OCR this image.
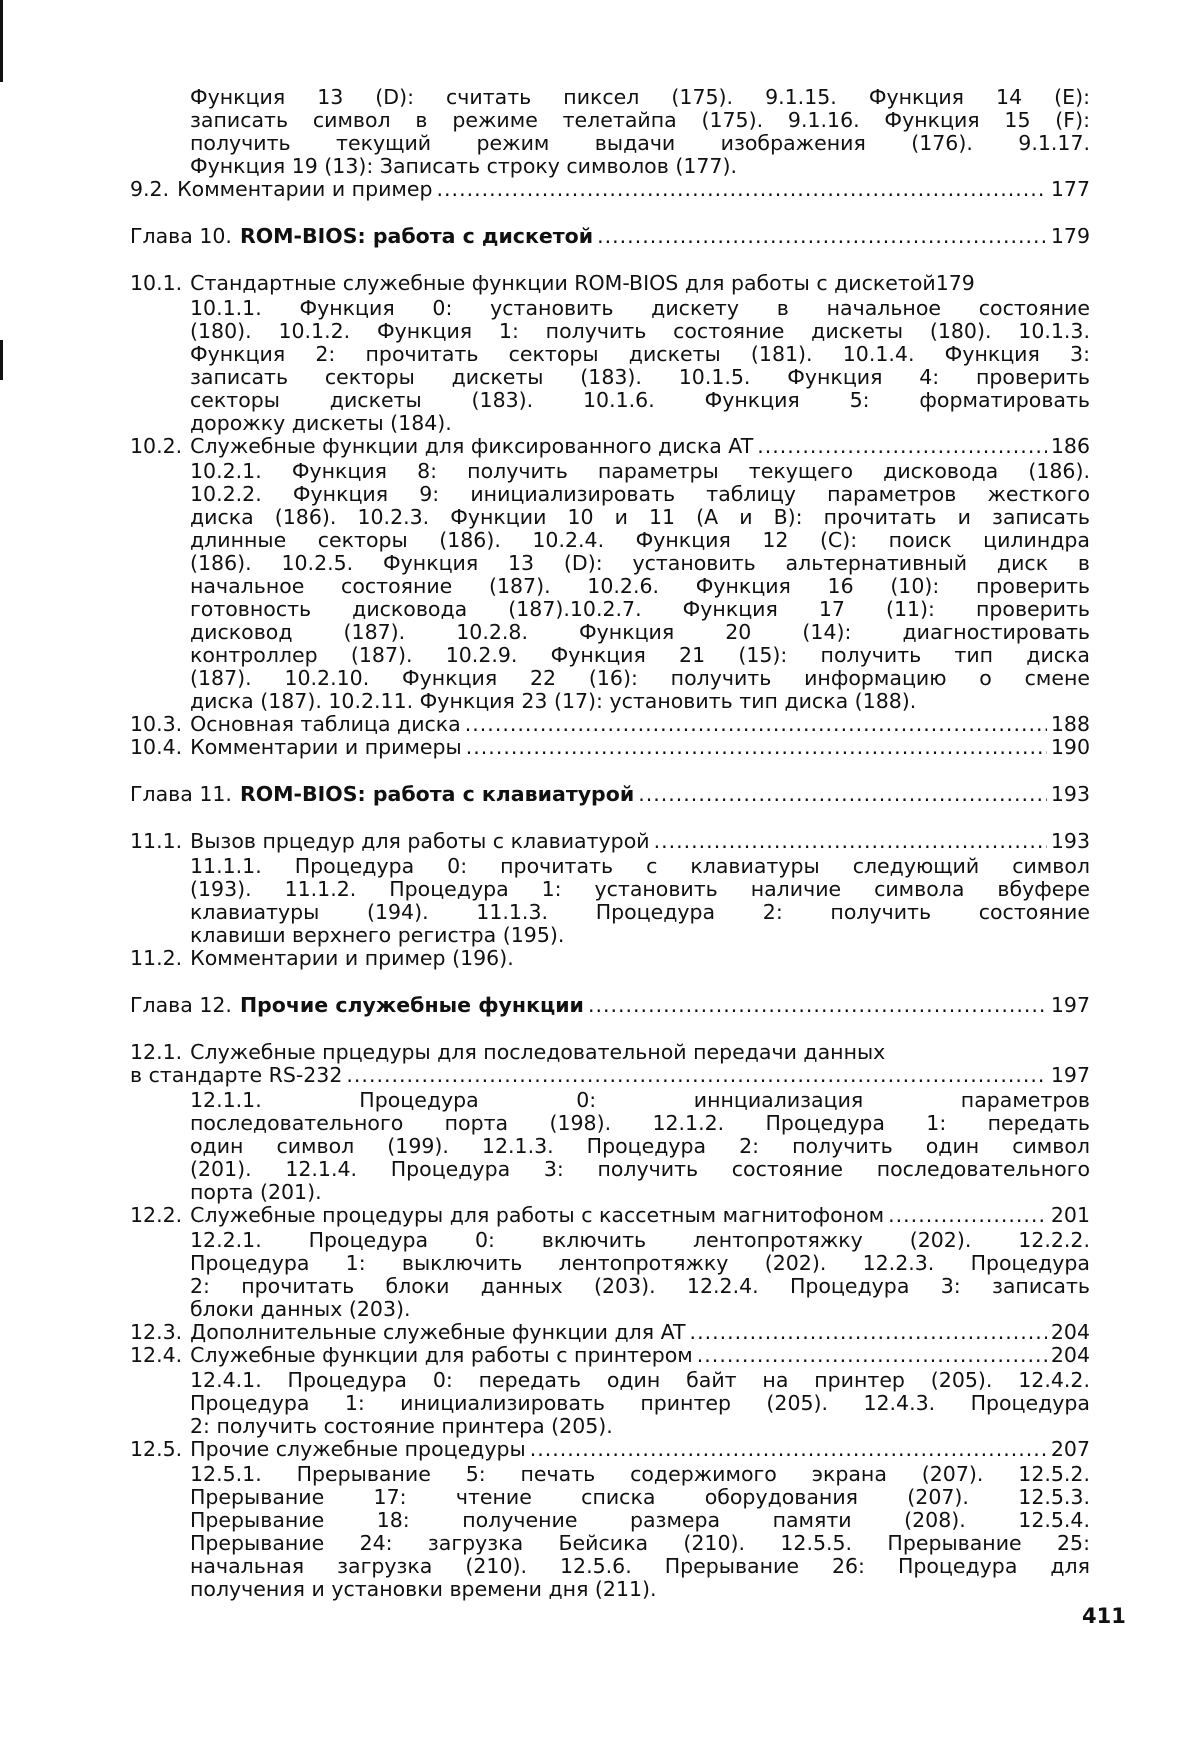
Функция 13 (D): считать пиксел (175). 9.1.15. Функция 14 (E):
записать символ в режиме телетайпа (175). 9.1.16. Функция 15 (F):
получить текущий режим выдачи изображения (176). 9.1.17.
Функция 19 (13): Записать строку символов (177).
9.2. Комментарии и пример
.....	177
Глава 10. ROM-BIOS: работа с дискетой
.....	179
10.1. Стандартные служебные функции ROM-BIOS для работы с дискетой 179
10.1.1. Функция 0: установить дискету в начальное состояние
(180). 10.1.2. Функция 1: получить состояние дискеты (180). 10.1.3.
Функция 2: прочитать секторы дискеты (181). 10.1.4. Функция 3:
записать секторы дискеты (183). 10.1.5. Функция 4: проверить
секторы дискеты (183). 10.1.6. Функция 5: форматировать
дорожку дискеты (184).
10.2. Служебные функции для фиксированного диска AT
.....	186
10.2.1. Функция 8: получить параметры текущего дисковода (186).
10.2.2. Функция 9: инициализировать таблицу параметров жесткого
диска (186). 10.2.3. Функции 10 и 11 (A и B): прочитать и записать
длинные секторы (186). 10.2.4. Функция 12 (C): поиск цилиндра
(186). 10.2.5. Функция 13 (D): установить альтернативный диск в
начальное состояние (187). 10.2.6. Функция 16 (10): проверить
готовность дисковода (187).10.2.7. Функция 17 (11): проверить
дисковод (187). 10.2.8. Функция 20 (14): диагностировать
контроллер (187). 10.2.9. Функция 21 (15): получить тип диска
(187). 10.2.10. Функция 22 (16): получить информацию о смене
диска (187). 10.2.11. Функция 23 (17): установить тип диска (188).
10.3. Основная таблица диска
.....	188
10.4. Комментарии и примеры
.....	190
Глава 11. ROM-BIOS: работа с клавиатурой
.....	193
11.1. Вызов прцедур для работы с клавиатурой
.....	193
11.1.1. Процедура 0: прочитать с клавиатуры следующий символ
(193). 11.1.2. Процедура 1: установить наличие символа вбуфере
клавиатуры (194). 11.1.3. Процедура 2: получить состояние
клавиши верхнего регистра (195).
11.2. Комментарии и пример (196).
Глава 12. Прочие служебные функции
.....	197
12.1. Служебные прцедуры для последовательной передачи данных
в стандарте RS-232
.....	197
12.1.1. Процедура 0: иннциализация параметров
последовательного порта (198). 12.1.2. Процедура 1: передать
один символ (199). 12.1.3. Процедура 2: получить один символ
(201). 12.1.4. Процедура 3: получить состояние последовательного
порта (201).
12.2. Служебные процедуры для работы с кассетным магнитофоном
.....	201
12.2.1. Процедура 0: включить лентопротяжку (202). 12.2.2.
Процедура 1: выключить лентопротяжку (202). 12.2.3. Процедура
2: прочитать блоки данных (203). 12.2.4. Процедура 3: записать
блоки данных (203).
12.3. Дополнительные служебные функции для AT
.....	204
12.4. Служебные функции для работы с принтером
.....	204
12.4.1. Процедура 0: передать один байт на принтер (205). 12.4.2.
Процедура 1: инициализировать принтер (205). 12.4.3. Процедура
2: получить состояние принтера (205).
12.5. Прочие служебные процедуры
.....	207
12.5.1. Прерывание 5: печать содержимого экрана (207). 12.5.2.
Прерывание 17: чтение списка оборудования (207). 12.5.3.
Прерывание 18: получение размера памяти (208). 12.5.4.
Прерывание 24: загрузка Бейсика (210). 12.5.5. Прерывание 25:
начальная загрузка (210). 12.5.6. Прерывание 26: Процедура для
получения и установки времени дня (211).
411
